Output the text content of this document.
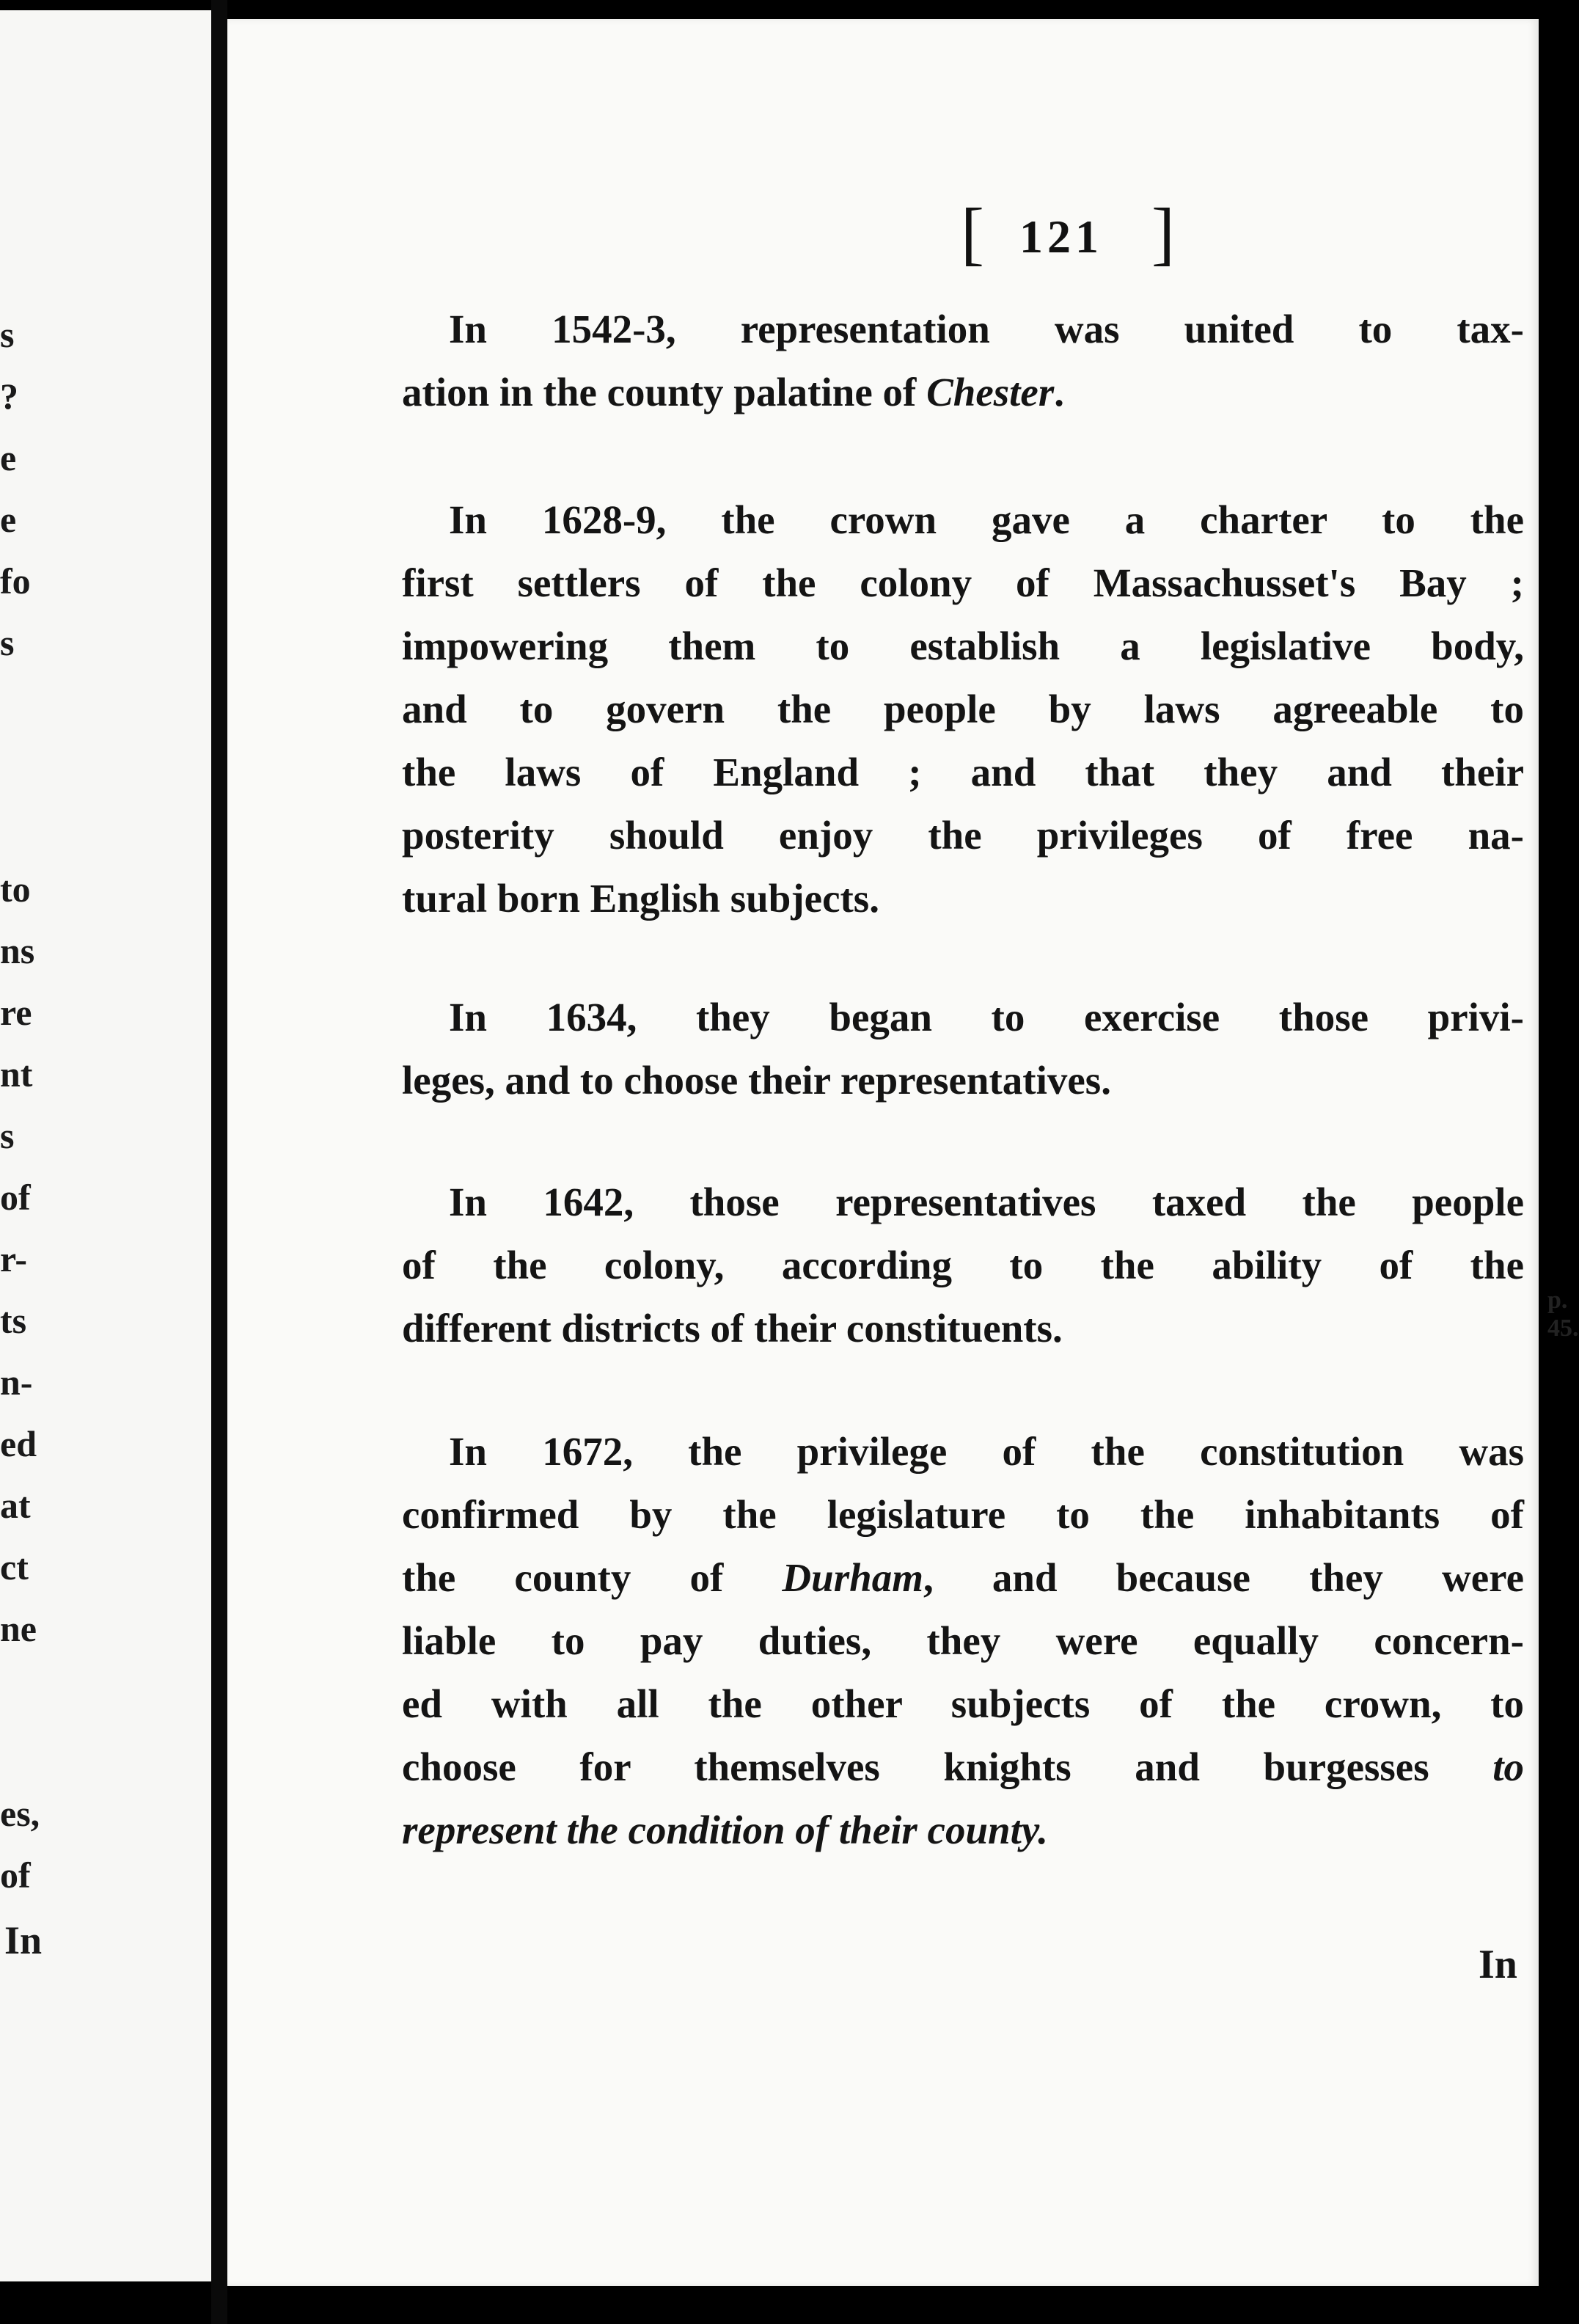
s
?
e
e
fo
s
to
ns
re
nt
s
of
r-
ts
n-
ed
at
ct
ne
es,
of
In
[ 121 ]

In 1542-3, representation was united to tax-
ation in the county palatine of Chester.

In 1628-9, the crown gave a charter to the
first settlers of the colony of Massachusset's Bay ;
impowering them to establish a legislative body,
and to govern the people by laws agreeable to
the laws of England ; and that they and their
posterity should enjoy the privileges of free na-
tural born English subjects.

In 1634, they began to exercise those privi-
leges, and to choose their representatives.

In 1642, those representatives taxed the people
of the colony, according to the ability of the
different districts of their constituents.

In 1672, the privilege of the constitution was
confirmed by the legislature to the inhabitants of
the county of Durham, and because they were
liable to pay duties, they were equally concern-
ed with all the other subjects of the crown, to
choose for themselves knights and burgesses to
represent the condition of their county.

p. 45.
In
